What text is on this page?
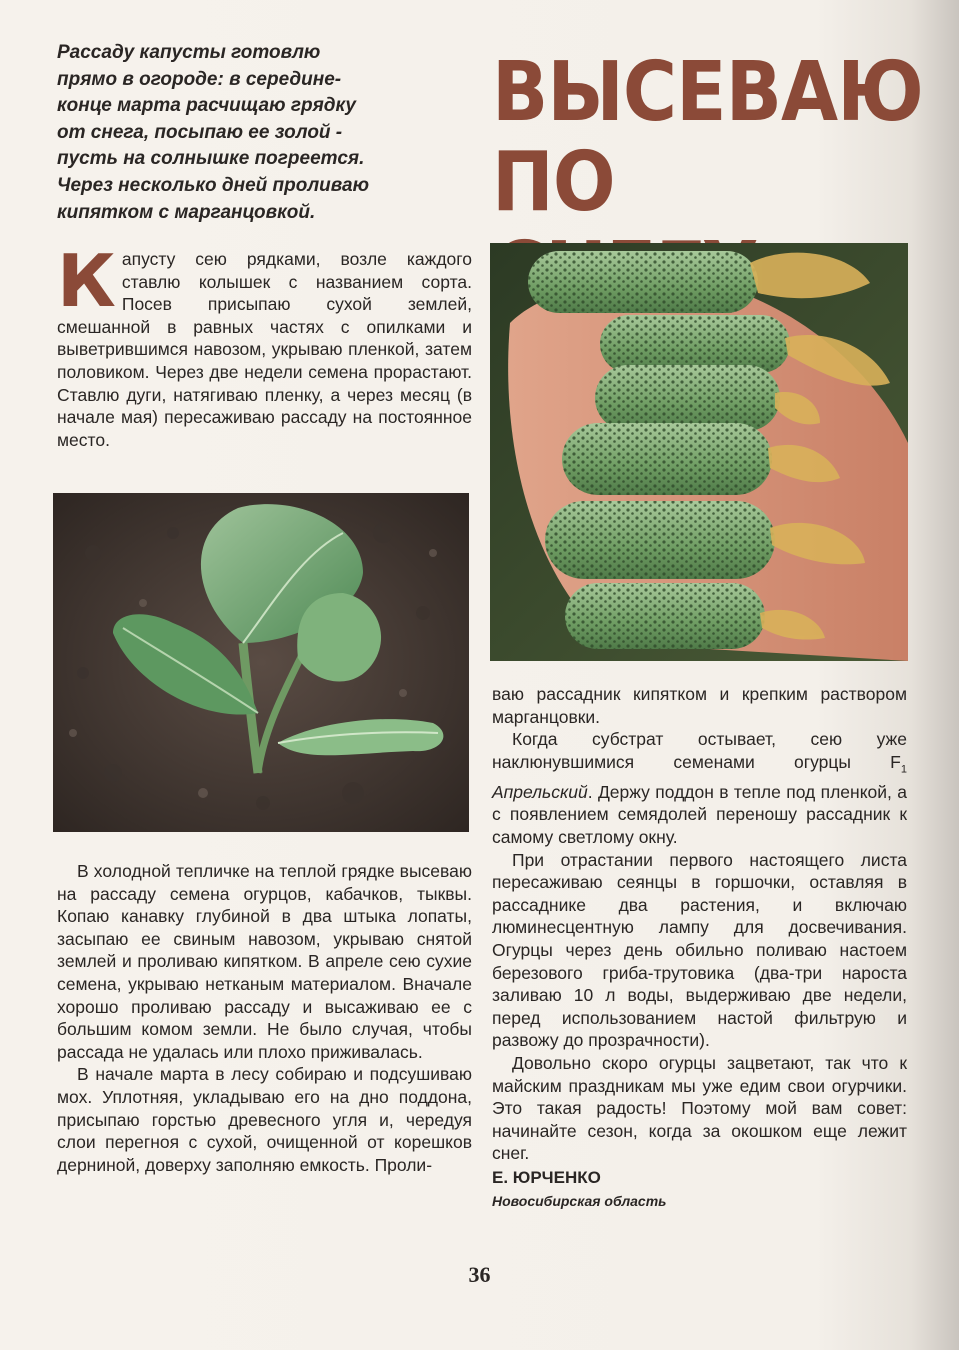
Рассаду капусты готовлю
прямо в огороде: в середине-
конце марта расчищаю грядку
от снега, посыпаю ее золой -
пусть на солнышке погреется.
Через несколько дней проливаю
кипятком с марганцовкой.

ВЫСЕВАЮ
ПО

Капусту сею рядками, возле каждого ставлю колышек с названием сорта. Посев присыпаю сухой землей, смешанной в равных частях с опилками и выветрившимся навозом, укрываю пленкой, затем половиком. Через две недели семена прорастают. Ставлю дуги, натягиваю пленку, а через месяц (в начале мая) пересаживаю рассаду на постоянное место.

В холодной тепличке на теплой грядке высеваю на рассаду семена огурцов, кабачков, тыквы. Копаю канавку глубиной в два штыка лопаты, засыпаю ее свиным навозом, укрываю снятой землей и проливаю кипятком. В апреле сею сухие семена, укрываю нетканым материалом. Вначале хорошо проливаю рассаду и высаживаю ее с большим комом земли. Не было случая, чтобы рассада не удалась или плохо приживалась.

В начале марта в лесу собираю и подсушиваю мох. Уплотняя, укладываю его на дно поддона, присыпаю горстью древесного угля и, чередуя слои перегноя с сухой, очищенной от корешков дерниной, доверху заполняю емкость. Проли-

ваю рассадник кипятком и крепким раствором марганцовки.

Когда субстрат остывает, сею уже наклюнувшимися семенами огурцы $F_1$ Апрельский. Держу поддон в тепле под пленкой, а с появлением семядолей переношу рассадник к самому светлому окну.

При отрастании первого настоящего листа пересаживаю сеянцы в горшочки, оставляя в рассаднике два растения, и включаю люминесцентную лампу для досвечивания. Огурцы через день обильно поливаю настоем березового гриба-трутовика (два-три нароста заливаю 10 л воды, выдерживаю две недели, перед использованием настой фильтрую и развожу до прозрачности).

Довольно скоро огурцы зацветают, так что к майским праздникам мы уже едим свои огурчики. Это такая радость! Поэтому мой вам совет: начинайте сезон, когда за окошком еще лежит снег.

Е. ЮРЧЕНКО
Новосибирская область
36
